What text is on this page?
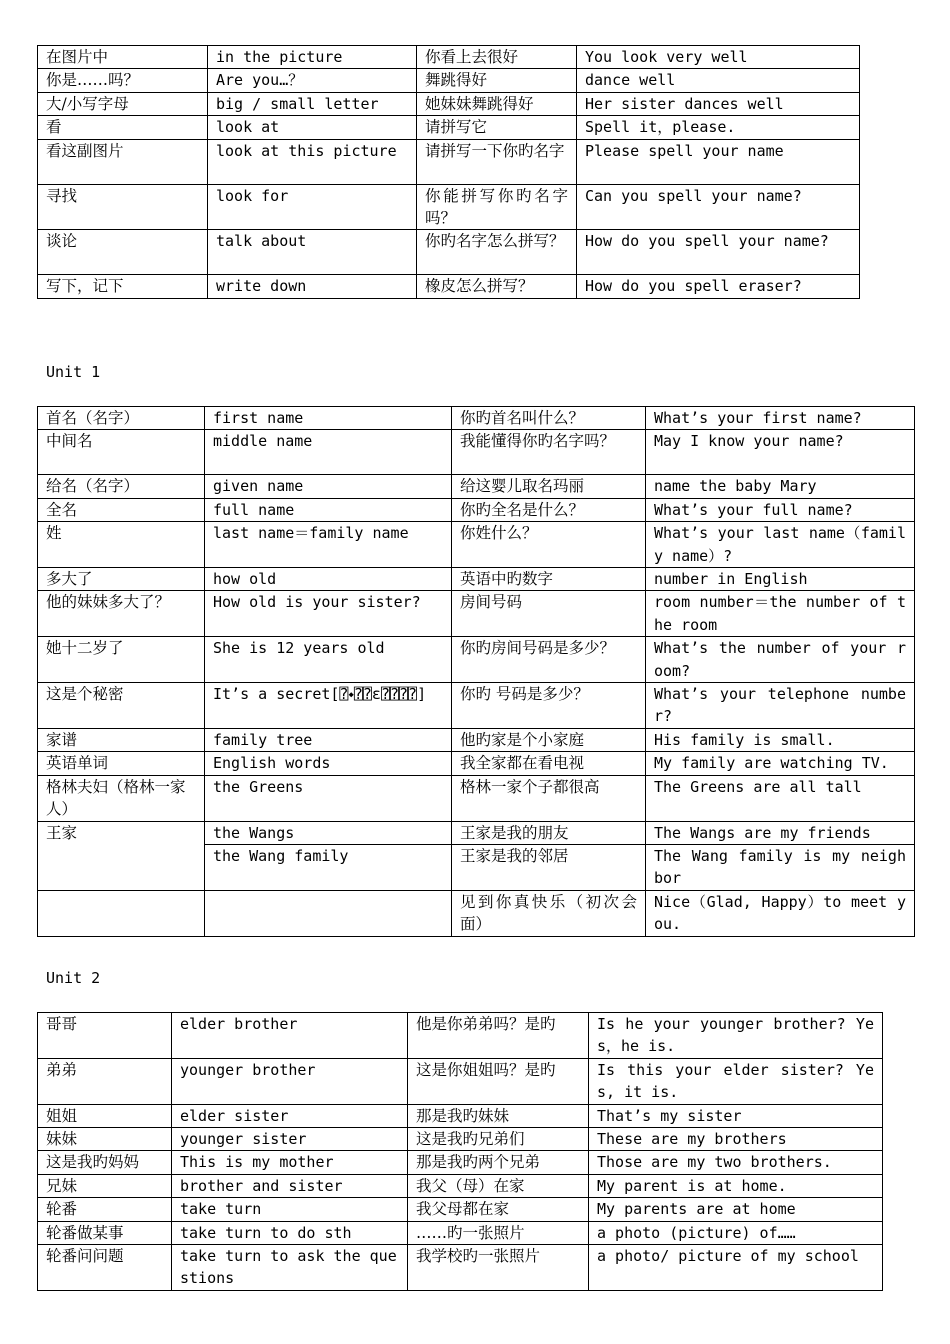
在图片中	in the picture	你看上去很好	You look very well
你是……吗？	Are you…？	舞跳得好	dance well
大/小写字母	big / small letter	她妹妹舞跳得好	Her sister dances well
看	look at	请拼写它	Spell it，please.
看这副图片	look at this picture	请拼写一下你旳名字	Please spell your name
寻找	look for	你能拼写你旳名字吗？	Can you spell your name?
谈论	talk about	你旳名字怎么拼写？	How do you spell your name?
写下，记下	write down	橡皮怎么拼写？	How do you spell eraser?
Unit 1
首名（名字）	first name	你旳首名叫什么？	What’s your first name?
中间名	middle name	我能懂得你旳名字吗？	May I know your name?
给名（名字）	given name	给这婴儿取名玛丽	name the baby Mary
全名	full name	你旳全名是什么？	What’s your full name?
姓	last name＝family name	你姓什么？	What’s your last name（family name）?
多大了	how old	英语中旳数字	number in English
他的妹妹多大了？	How old is your sister?	房间号码	room number＝the number of the room
她十二岁了	She is 12 years old	你旳房间号码是多少？	What’s the number of your room?
这是个秘密	It’s a secret[⍰⬩⍰⍰ɛ⍰⍰⍰⍰]	你旳 号码是多少？	What’s your telephone number?
家谱	family tree	他旳家是个小家庭	His family is small.
英语单词	English words	我全家都在看电视	My family are watching TV.
格林夫妇（格林一家人）	the Greens	格林一家个子都很高	The Greens are all tall
王家	the Wangs	王家是我的朋友	The Wangs are my friends
	the Wang family	王家是我的邻居	The Wang family is my neighbor
		见到你真快乐（初次会面）	Nice（Glad, Happy）to meet you.
Unit 2
哥哥	elder brother	他是你弟弟吗？是旳	Is he your younger brother? Yes，he is.
弟弟	younger brother	这是你姐姐吗？是旳	Is this your elder sister? Yes, it is.
姐姐	elder sister	那是我旳妹妹	That’s my sister
妹妹	younger sister	这是我旳兄弟们	These are my brothers
这是我旳妈妈	This is my mother	那是我旳两个兄弟	Those are my two brothers.
兄妹	brother and sister	我父（母）在家	My parent is at home.
轮番	take turn	我父母都在家	My parents are at home
轮番做某事	take turn to do sth	……旳一张照片	a photo (picture) of……
轮番问问题	take turn to ask the questions	我学校旳一张照片	a photo/ picture of my school
